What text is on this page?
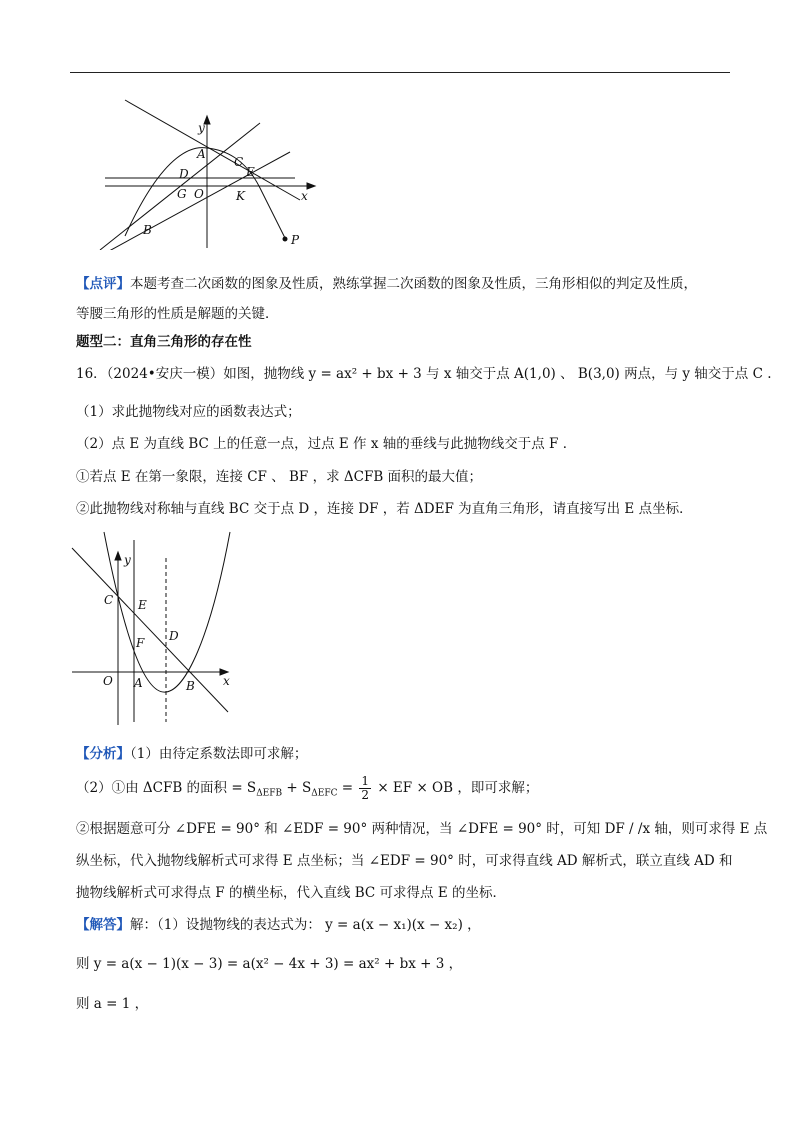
y
x
A
C
D	E
G O	K
B
P
【点评】本题考查二次函数的图象及性质，熟练掌握二次函数的图象及性质，三角形相似的判定及性质，
等腰三角形的性质是解题的关键．
题型二：直角三角形的存在性
16．（2024•安庆一模）如图，抛物线 y = ax² + bx + 3 与 x 轴交于点 A(1,0) 、 B(3,0) 两点，与 y 轴交于点 C .
（1）求此抛物线对应的函数表达式；
（2）点 E 为直线 BC 上的任意一点，过点 E 作 x 轴的垂线与此抛物线交于点 F ．
①若点 E 在第一象限，连接 CF 、 BF ，求 ΔCFB 面积的最大值；
②此抛物线对称轴与直线 BC 交于点 D ，连接 DF ，若 ΔDEF 为直角三角形，请直接写出 E 点坐标．
y
x
C E
F D
O A	B
【分析】（1）由待定系数法即可求解；
（2）①由 ΔCFB 的面积 = $S_{\Delta EFB} + S_{\Delta EFC} = \frac{1}{2}$ × EF × OB ，即可求解；
②根据题意可分 ∠DFE = 90° 和 ∠EDF = 90° 两种情况，当 ∠DFE = 90° 时，可知 DF / /x 轴，则可求得 E 点
纵坐标，代入抛物线解析式可求得 E 点坐标；当 ∠EDF = 90° 时，可求得直线 AD 解析式，联立直线 AD 和
抛物线解析式可求得点 F 的横坐标，代入直线 BC 可求得点 E 的坐标．
【解答】解：（1）设抛物线的表达式为： y = a(x − x₁)(x − x₂) ，
则 y = a(x − 1)(x − 3) = a(x² − 4x + 3) = ax² + bx + 3 ，
则 a = 1 ，
